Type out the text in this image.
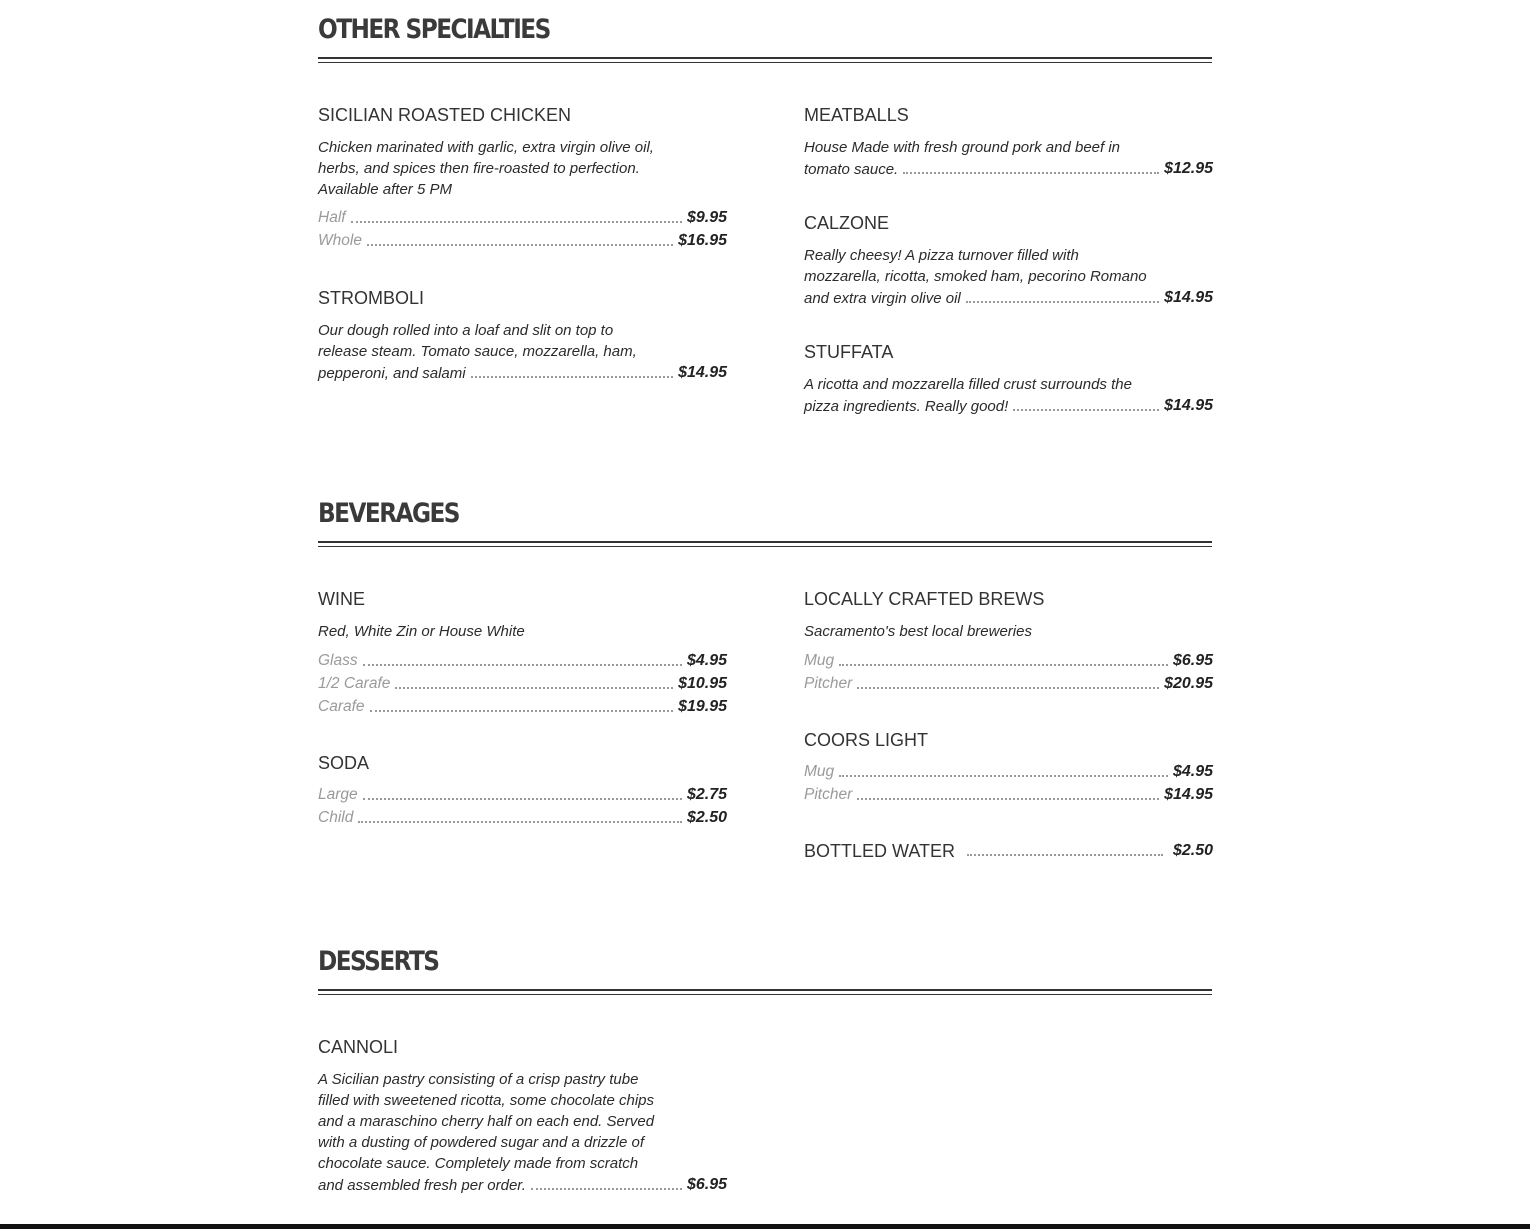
OTHER SPECIALTIES
SICILIAN ROASTED CHICKEN
Chicken marinated with garlic, extra virgin olive oil, herbs, and spices then fire-roasted to perfection. Available after 5 PM
Half	$9.95
Whole	$16.95
STROMBOLI
Our dough rolled into a loaf and slit on top to release steam. Tomato sauce, mozzarella, ham,
pepperoni, and salami	$14.95
MEATBALLS
House Made with fresh ground pork and beef in
tomato sauce.	$12.95
CALZONE
Really cheesy! A pizza turnover filled with mozzarella, ricotta, smoked ham, pecorino Romano
and extra virgin olive oil	$14.95
STUFFATA
A ricotta and mozzarella filled crust surrounds the
pizza ingredients. Really good!	$14.95
BEVERAGES
WINE
Red, White Zin or House White
Glass	$4.95
1/2 Carafe	$10.95
Carafe	$19.95
SODA
Large	$2.75
Child	$2.50
LOCALLY CRAFTED BREWS
Sacramento's best local breweries
Mug	$6.95
Pitcher	$20.95
COORS LIGHT
Mug	$4.95
Pitcher	$14.95
BOTTLED WATER	$2.50
DESSERTS
CANNOLI
A Sicilian pastry consisting of a crisp pastry tube filled with sweetened ricotta, some chocolate chips and a maraschino cherry half on each end. Served with a dusting of powdered sugar and a drizzle of chocolate sauce. Completely made from scratch
and assembled fresh per order.	$6.95
